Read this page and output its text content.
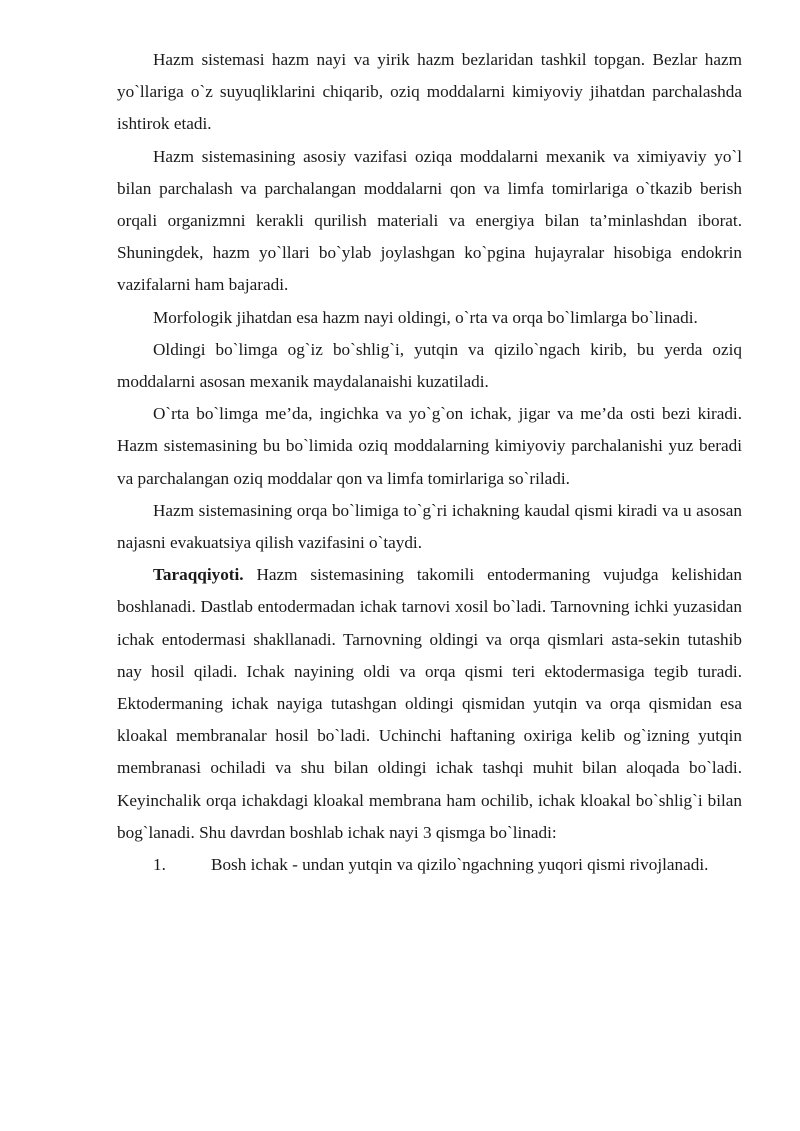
Hazm sistemasi hazm nayi va yirik hazm bezlaridan tashkil topgan. Bezlar hazm yo`llariga o`z suyuqliklarini chiqarib, oziq moddalarni kimiyoviy jihatdan parchalashda ishtirok etadi.

Hazm sistemasining asosiy vazifasi oziqa moddalarni mexanik va ximiyaviy yo`l bilan parchalash va parchalangan moddalarni qon va limfa tomirlariga o`tkazib berish orqali organizmni kerakli qurilish materiali va energiya bilan ta’minlashdan iborat. Shuningdek, hazm yo`llari bo`ylab joylashgan ko`pgina hujayralar hisobiga endokrin vazifalarni ham bajaradi.

Morfologik jihatdan esa hazm nayi oldingi, o`rta va orqa bo`limlarga bo`linadi.

Oldingi bo`limga og`iz bo`shlig`i, yutqin va qizilo`ngach kirib, bu yerda oziq moddalarni asosan mexanik maydalanaishi kuzatiladi.

O`rta bo`limga me’da, ingichka va yo`g`on ichak, jigar va me’da osti bezi kiradi. Hazm sistemasining bu bo`limida oziq moddalarning kimiyoviy parchalanishi yuz beradi va parchalangan oziq moddalar qon va limfa tomirlariga so`riladi.

Hazm sistemasining orqa bo`limiga to`g`ri ichakning kaudal qismi kiradi va u asosan najasni evakuatsiya qilish vazifasini o`taydi.

Taraqqiyoti. Hazm sistemasining takomili entodermaning vujudga kelishidan boshlanadi. Dastlab entodermadan ichak tarnovi xosil bo`ladi. Tarnovning ichki yuzasidan ichak entodermasi shakllanadi. Tarnovning oldingi va orqa qismlari asta-sekin tutashib nay hosil qiladi. Ichak nayining oldi va orqa qismi teri ektodermasiga tegib turadi. Ektodermaning ichak nayiga tutashgan oldingi qismidan yutqin va orqa qismidan esa kloakal membranalar hosil bo`ladi. Uchinchi haftaning oxiriga kelib og`izning yutqin membranasi ochiladi va shu bilan oldingi ichak tashqi muhit bilan aloqada bo`ladi. Keyinchalik orqa ichakdagi kloakal membrana ham ochilib, ichak kloakal bo`shlig`i bilan bog`lanadi. Shu davrdan boshlab ichak nayi 3 qismga bo`linadi:

1.	Bosh ichak - undan yutqin va qizilo`ngachning yuqori qismi rivojlanadi.
